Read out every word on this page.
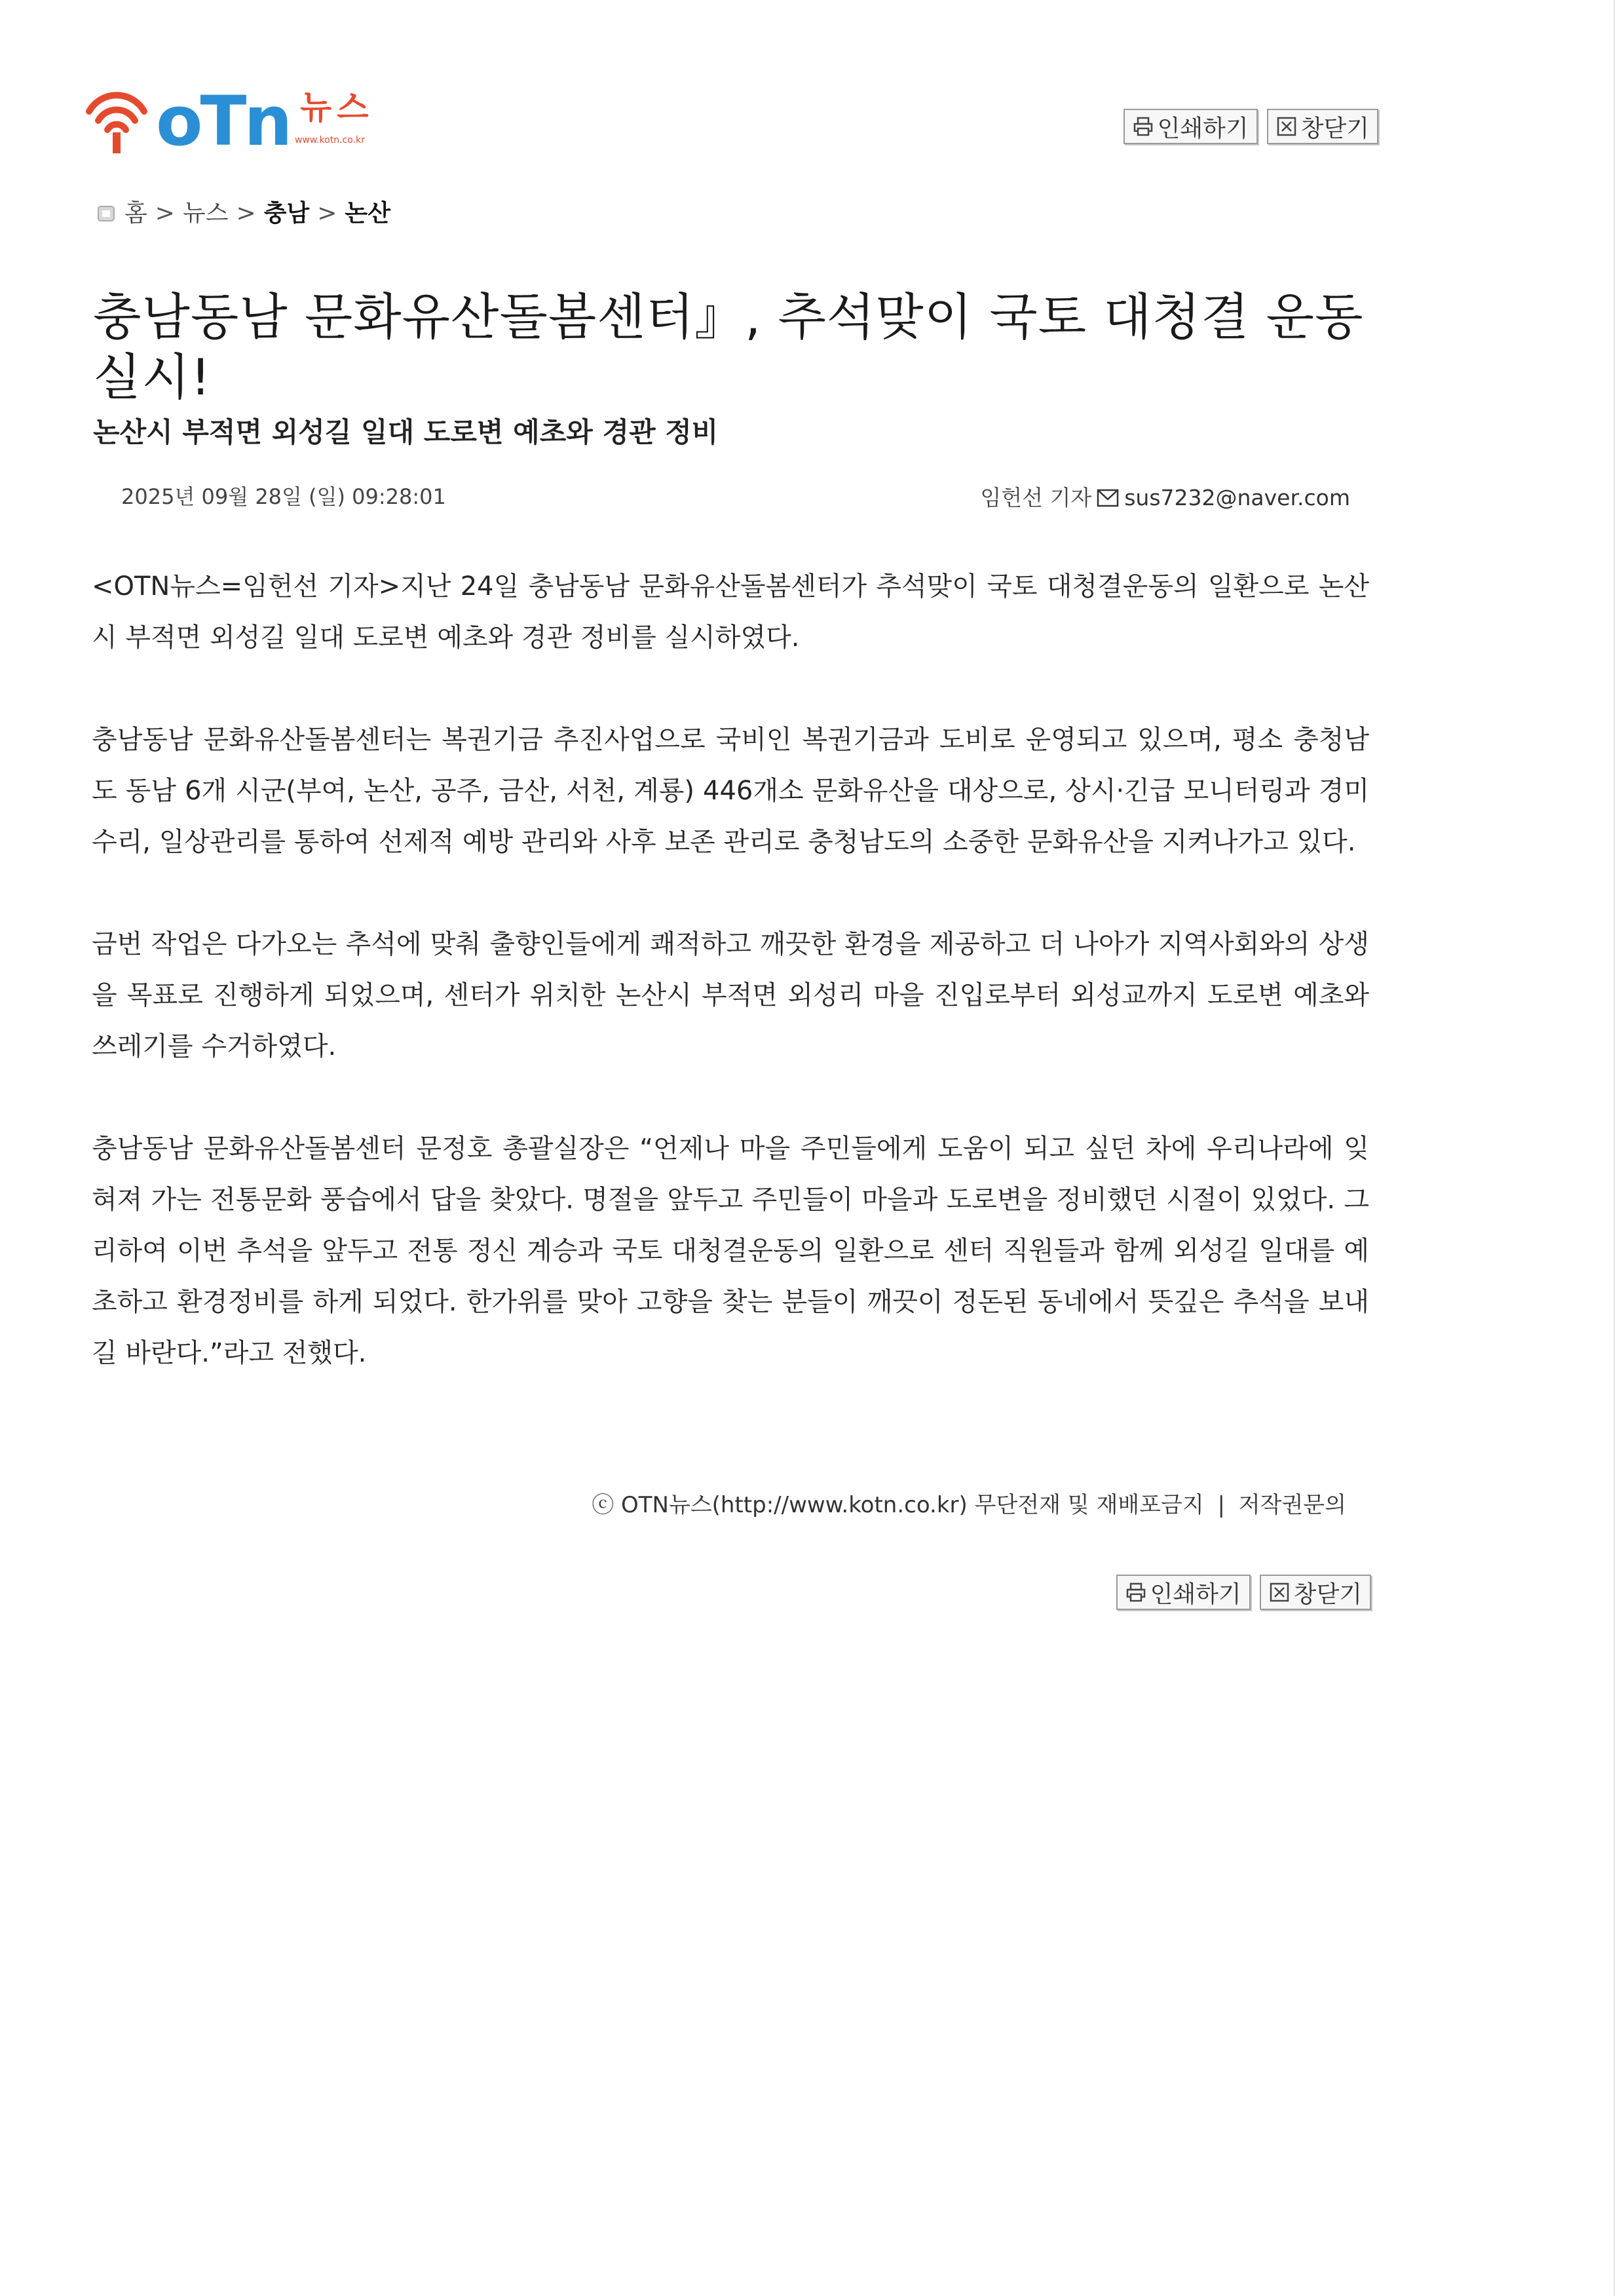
oTn 뉴스
www.kotn.co.kr	인쇄하기 창닫기
홈 > 뉴스 > 충남 > 논산
충남동남 문화유산돌봄센터』, 추석맞이 국토 대청결 운동 실시!
논산시 부적면 외성길 일대 도로변 예초와 경관 정비
2025년 09월 28일 (일) 09:28:01	임헌선 기자 sus7232@naver.com

<OTN뉴스=임헌선 기자>지난 24일 충남동남 문화유산돌봄센터가 추석맞이 국토 대청결운동의 일환으로 논산시 부적면 외성길 일대 도로변 예초와 경관 정비를 실시하였다.

충남동남 문화유산돌봄센터는 복권기금 추진사업으로 국비인 복권기금과 도비로 운영되고 있으며, 평소 충청남도 동남 6개 시군(부여, 논산, 공주, 금산, 서천, 계룡) 446개소 문화유산을 대상으로, 상시·긴급 모니터링과 경미수리, 일상관리를 통하여 선제적 예방 관리와 사후 보존 관리로 충청남도의 소중한 문화유산을 지켜나가고 있다.

금번 작업은 다가오는 추석에 맞춰 출향인들에게 쾌적하고 깨끗한 환경을 제공하고 더 나아가 지역사회와의 상생을 목표로 진행하게 되었으며, 센터가 위치한 논산시 부적면 외성리 마을 진입로부터 외성교까지 도로변 예초와 쓰레기를 수거하였다.

충남동남 문화유산돌봄센터 문정호 총괄실장은 “언제나 마을 주민들에게 도움이 되고 싶던 차에 우리나라에 잊혀져 가는 전통문화 풍습에서 답을 찾았다. 명절을 앞두고 주민들이 마을과 도로변을 정비했던 시절이 있었다. 그리하여 이번 추석을 앞두고 전통 정신 계승과 국토 대청결운동의 일환으로 센터 직원들과 함께 외성길 일대를 예초하고 환경정비를 하게 되었다. 한가위를 맞아 고향을 찾는 분들이 깨끗이 정돈된 동네에서 뜻깊은 추석을 보내길 바란다.”라고 전했다.

ⓒ OTN뉴스(http://www.kotn.co.kr) 무단전재 및 재배포금지 | 저작권문의
인쇄하기 창닫기
